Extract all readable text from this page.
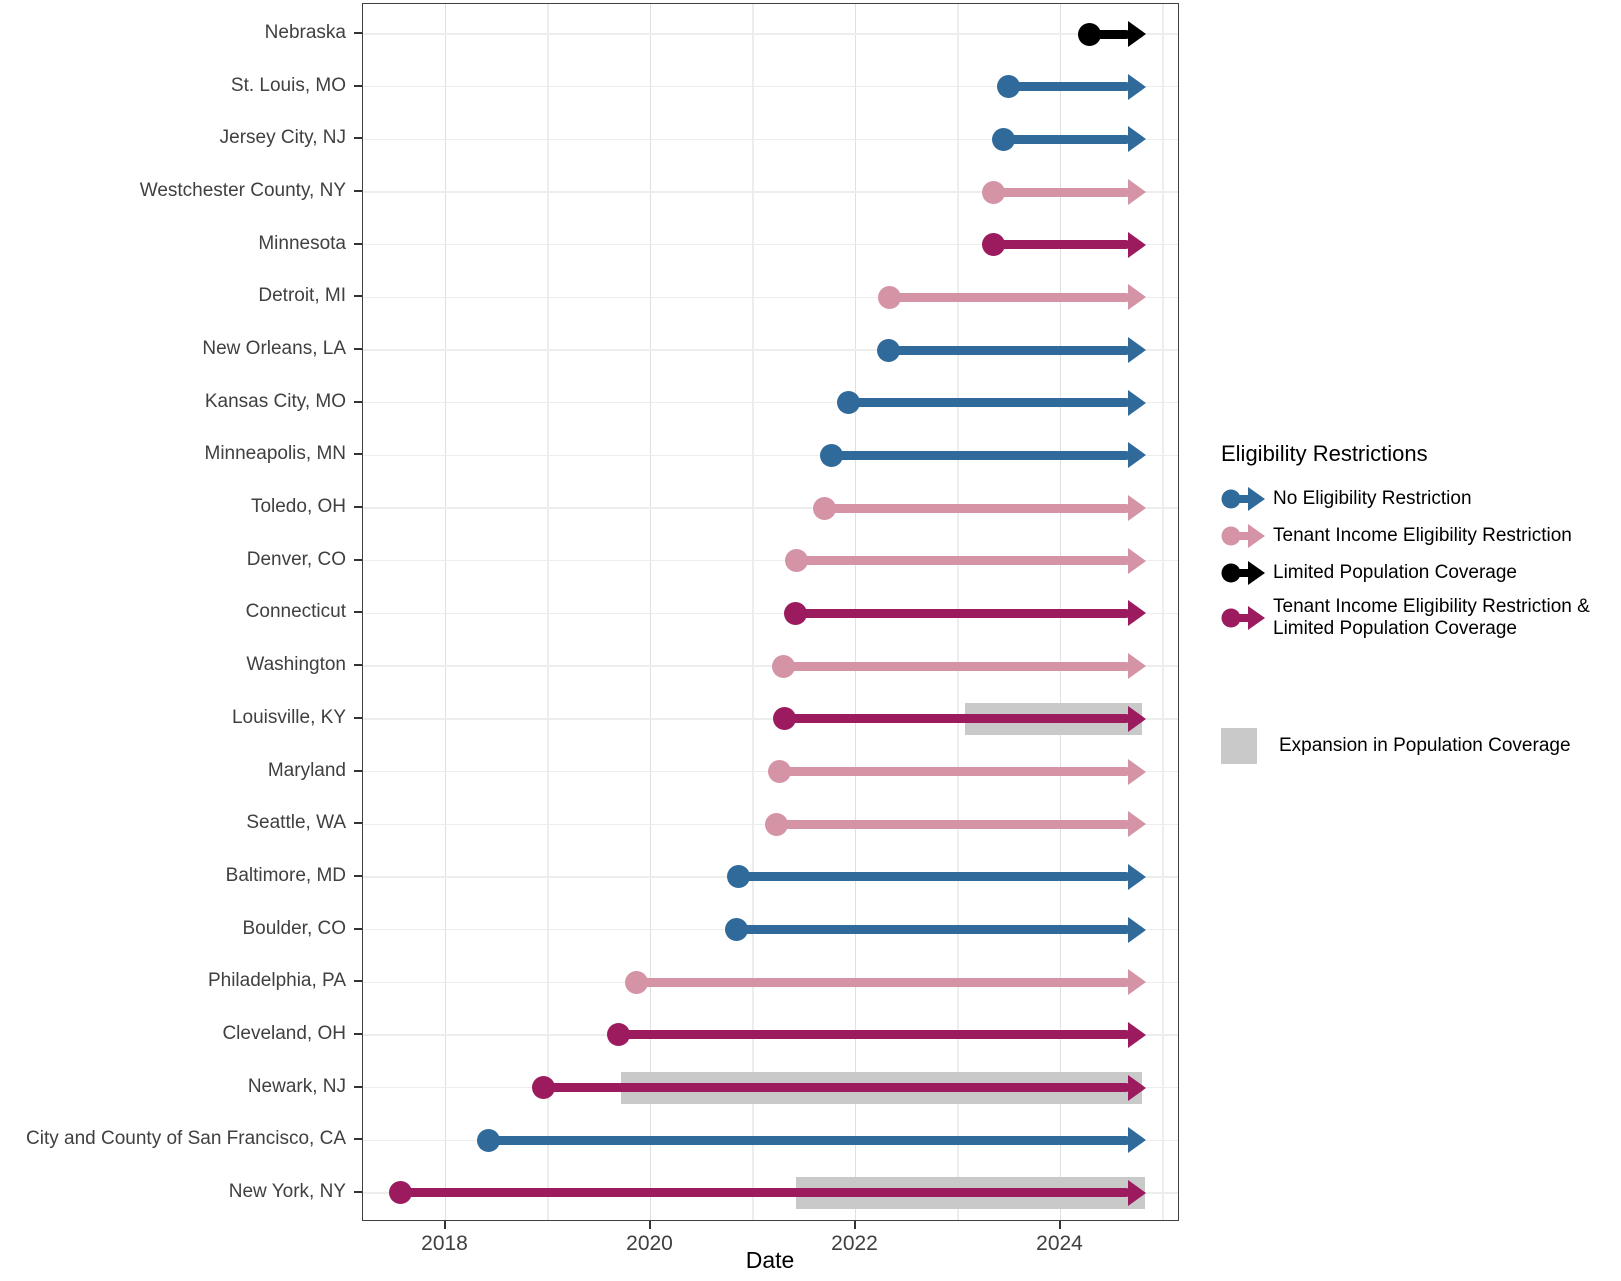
Nebraska
St. Louis, MO
Jersey City, NJ
Westchester County, NY
Minnesota
Detroit, MI
New Orleans, LA
Kansas City, MO
Minneapolis, MN
Toledo, OH
Denver, CO
Connecticut
Washington
Louisville, KY
Maryland
Seattle, WA
Baltimore, MD
Boulder, CO
Philadelphia, PA
Cleveland, OH
Newark, NJ
City and County of San Francisco, CA
New York, NY
2018	2020	2022	2024
Date

Eligibility Restrictions

No Eligibility Restriction
Tenant Income Eligibility Restriction
Limited Population Coverage
Tenant Income Eligibility Restriction & Limited Population Coverage
Expansion in Population Coverage
